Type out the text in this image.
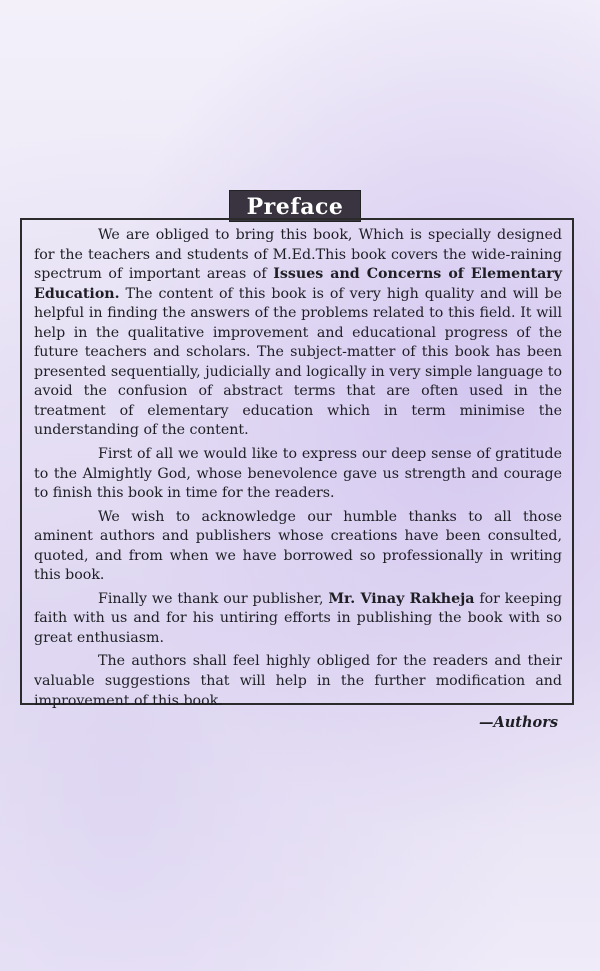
Preface

We are obliged to bring this book, Which is specially designed for the teachers and students of M.Ed.This book covers the wide-raining spectrum of important areas of Issues and Concerns of Elementary Education. The content of this book is of very high quality and will be helpful in finding the answers of the problems related to this field. It will help in the qualitative improvement and educational progress of the future teachers and scholars. The subject-matter of this book has been presented sequentially, judicially and logically in very simple language to avoid the confusion of abstract terms that are often used in the treatment of elementary education which in term minimise the understanding of the content.

First of all we would like to express our deep sense of gratitude to the Almightly God, whose benevolence gave us strength and courage to finish this book in time for the readers.

We wish to acknowledge our humble thanks to all those aminent authors and publishers whose creations have been consulted, quoted, and from when we have borrowed so professionally in writing this book.

Finally we thank our publisher, Mr. Vinay Rakheja for keeping faith with us and for his untiring efforts in publishing the book with so great enthusiasm.

The authors shall feel highly obliged for the readers and their valuable suggestions that will help in the further modification and improvement of this book.

—Authors
